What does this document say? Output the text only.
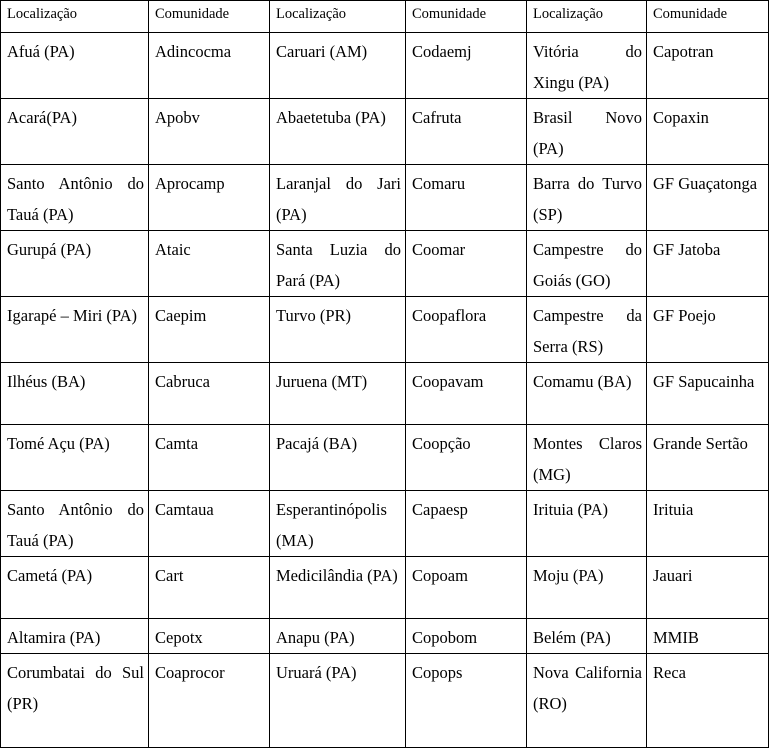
Localização	Comunidade	Localização	Comunidade	Localização	Comunidade
Afuá (PA)	Adincocma	Caruari (AM)	Codaemj	Vitória do Xingu (PA)	Capotran
Acará(PA)	Apobv	Abaetetuba (PA)	Cafruta	Brasil Novo (PA)	Copaxin
Santo Antônio do Tauá (PA)	Aprocamp	Laranjal do Jari (PA)	Comaru	Barra do Turvo (SP)	GF Guaçatonga
Gurupá (PA)	Ataic	Santa Luzia do Pará (PA)	Coomar	Campestre do Goiás (GO)	GF Jatoba
Igarapé – Miri (PA)	Caepim	Turvo (PR)	Coopaflora	Campestre da Serra (RS)	GF Poejo
Ilhéus (BA)	Cabruca	Juruena (MT)	Coopavam	Comamu (BA)	GF Sapucainha
Tomé Açu (PA)	Camta	Pacajá (BA)	Coopção	Montes Claros (MG)	Grande Sertão
Santo Antônio do Tauá (PA)	Camtaua	Esperantinópolis (MA)	Capaesp	Irituia (PA)	Irituia
Cametá (PA)	Cart	Medicilândia (PA)	Copoam	Moju (PA)	Jauari
Altamira (PA)	Cepotx	Anapu (PA)	Copobom	Belém (PA)	MMIB
Corumbatai do Sul (PR)	Coaprocor	Uruará (PA)	Copops	Nova California (RO)	Reca
